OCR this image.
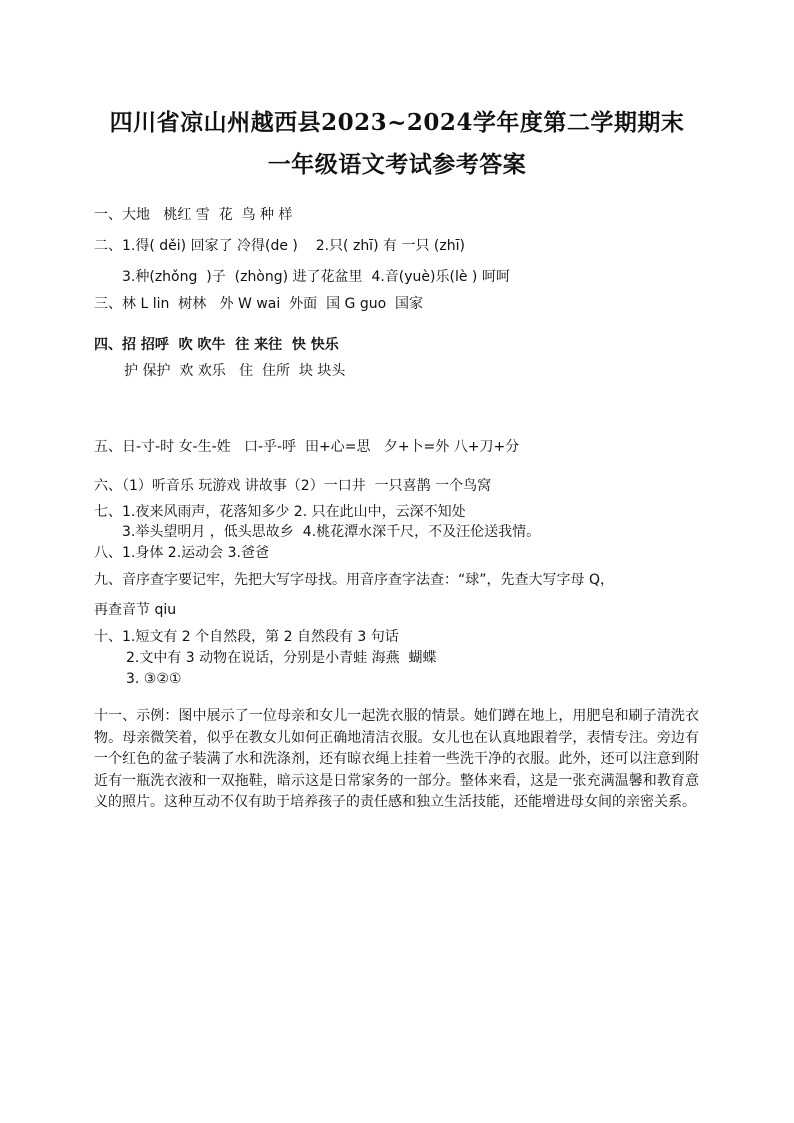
四川省凉山州越西县2023~2024学年度第二学期期末
一年级语文考试参考答案
一、大地   桃红 雪  花  鸟 种 样
二、1.得( děi) 回家了 冷得(de )    2.只( zhī) 有 一只 (zhī)
3.种(zhǒng  )子  (zhòng) 进了花盆里  4.音(yuè)乐(lè ) 呵呵
三、林 L lin  树林   外 W wai  外面  国 G guo  国家
四、招 招呼  吹 吹牛  往 来往  快 快乐
护 保护  欢 欢乐   住  住所  块 块头
五、日-寸-时 女-生-姓   口-乎-呼  田+心=思   夕+卜=外 八+刀+分
六、（1）听音乐 玩游戏 讲故事（2）一口井  一只喜鹊 一个鸟窝
七、1.夜来风雨声，花落知多少 2. 只在此山中，云深不知处
3.举头望明月 ，低头思故乡  4.桃花潭水深千尺，不及汪伦送我情。
八、1.身体 2.运动会 3.爸爸
九、音序查字要记牢，先把大写字母找。用音序查字法查：“球”，先查大写字母 Q，
再查音节 qiu
十、1.短文有 2 个自然段，第 2 自然段有 3 句话
2.文中有 3 动物在说话，分别是小青蛙 海燕  蝴蝶
3. ③②①
十一、示例：图中展示了一位母亲和女儿一起洗衣服的情景。她们蹲在地上，用肥皂和刷子清洗衣物。母亲微笑着，似乎在教女儿如何正确地清洁衣服。女儿也在认真地跟着学，表情专注。旁边有一个红色的盆子装满了水和洗涤剂，还有晾衣绳上挂着一些洗干净的衣服。此外，还可以注意到附近有一瓶洗衣液和一双拖鞋，暗示这是日常家务的一部分。整体来看，这是一张充满温馨和教育意义的照片。这种互动不仅有助于培养孩子的责任感和独立生活技能，还能增进母女间的亲密关系。
